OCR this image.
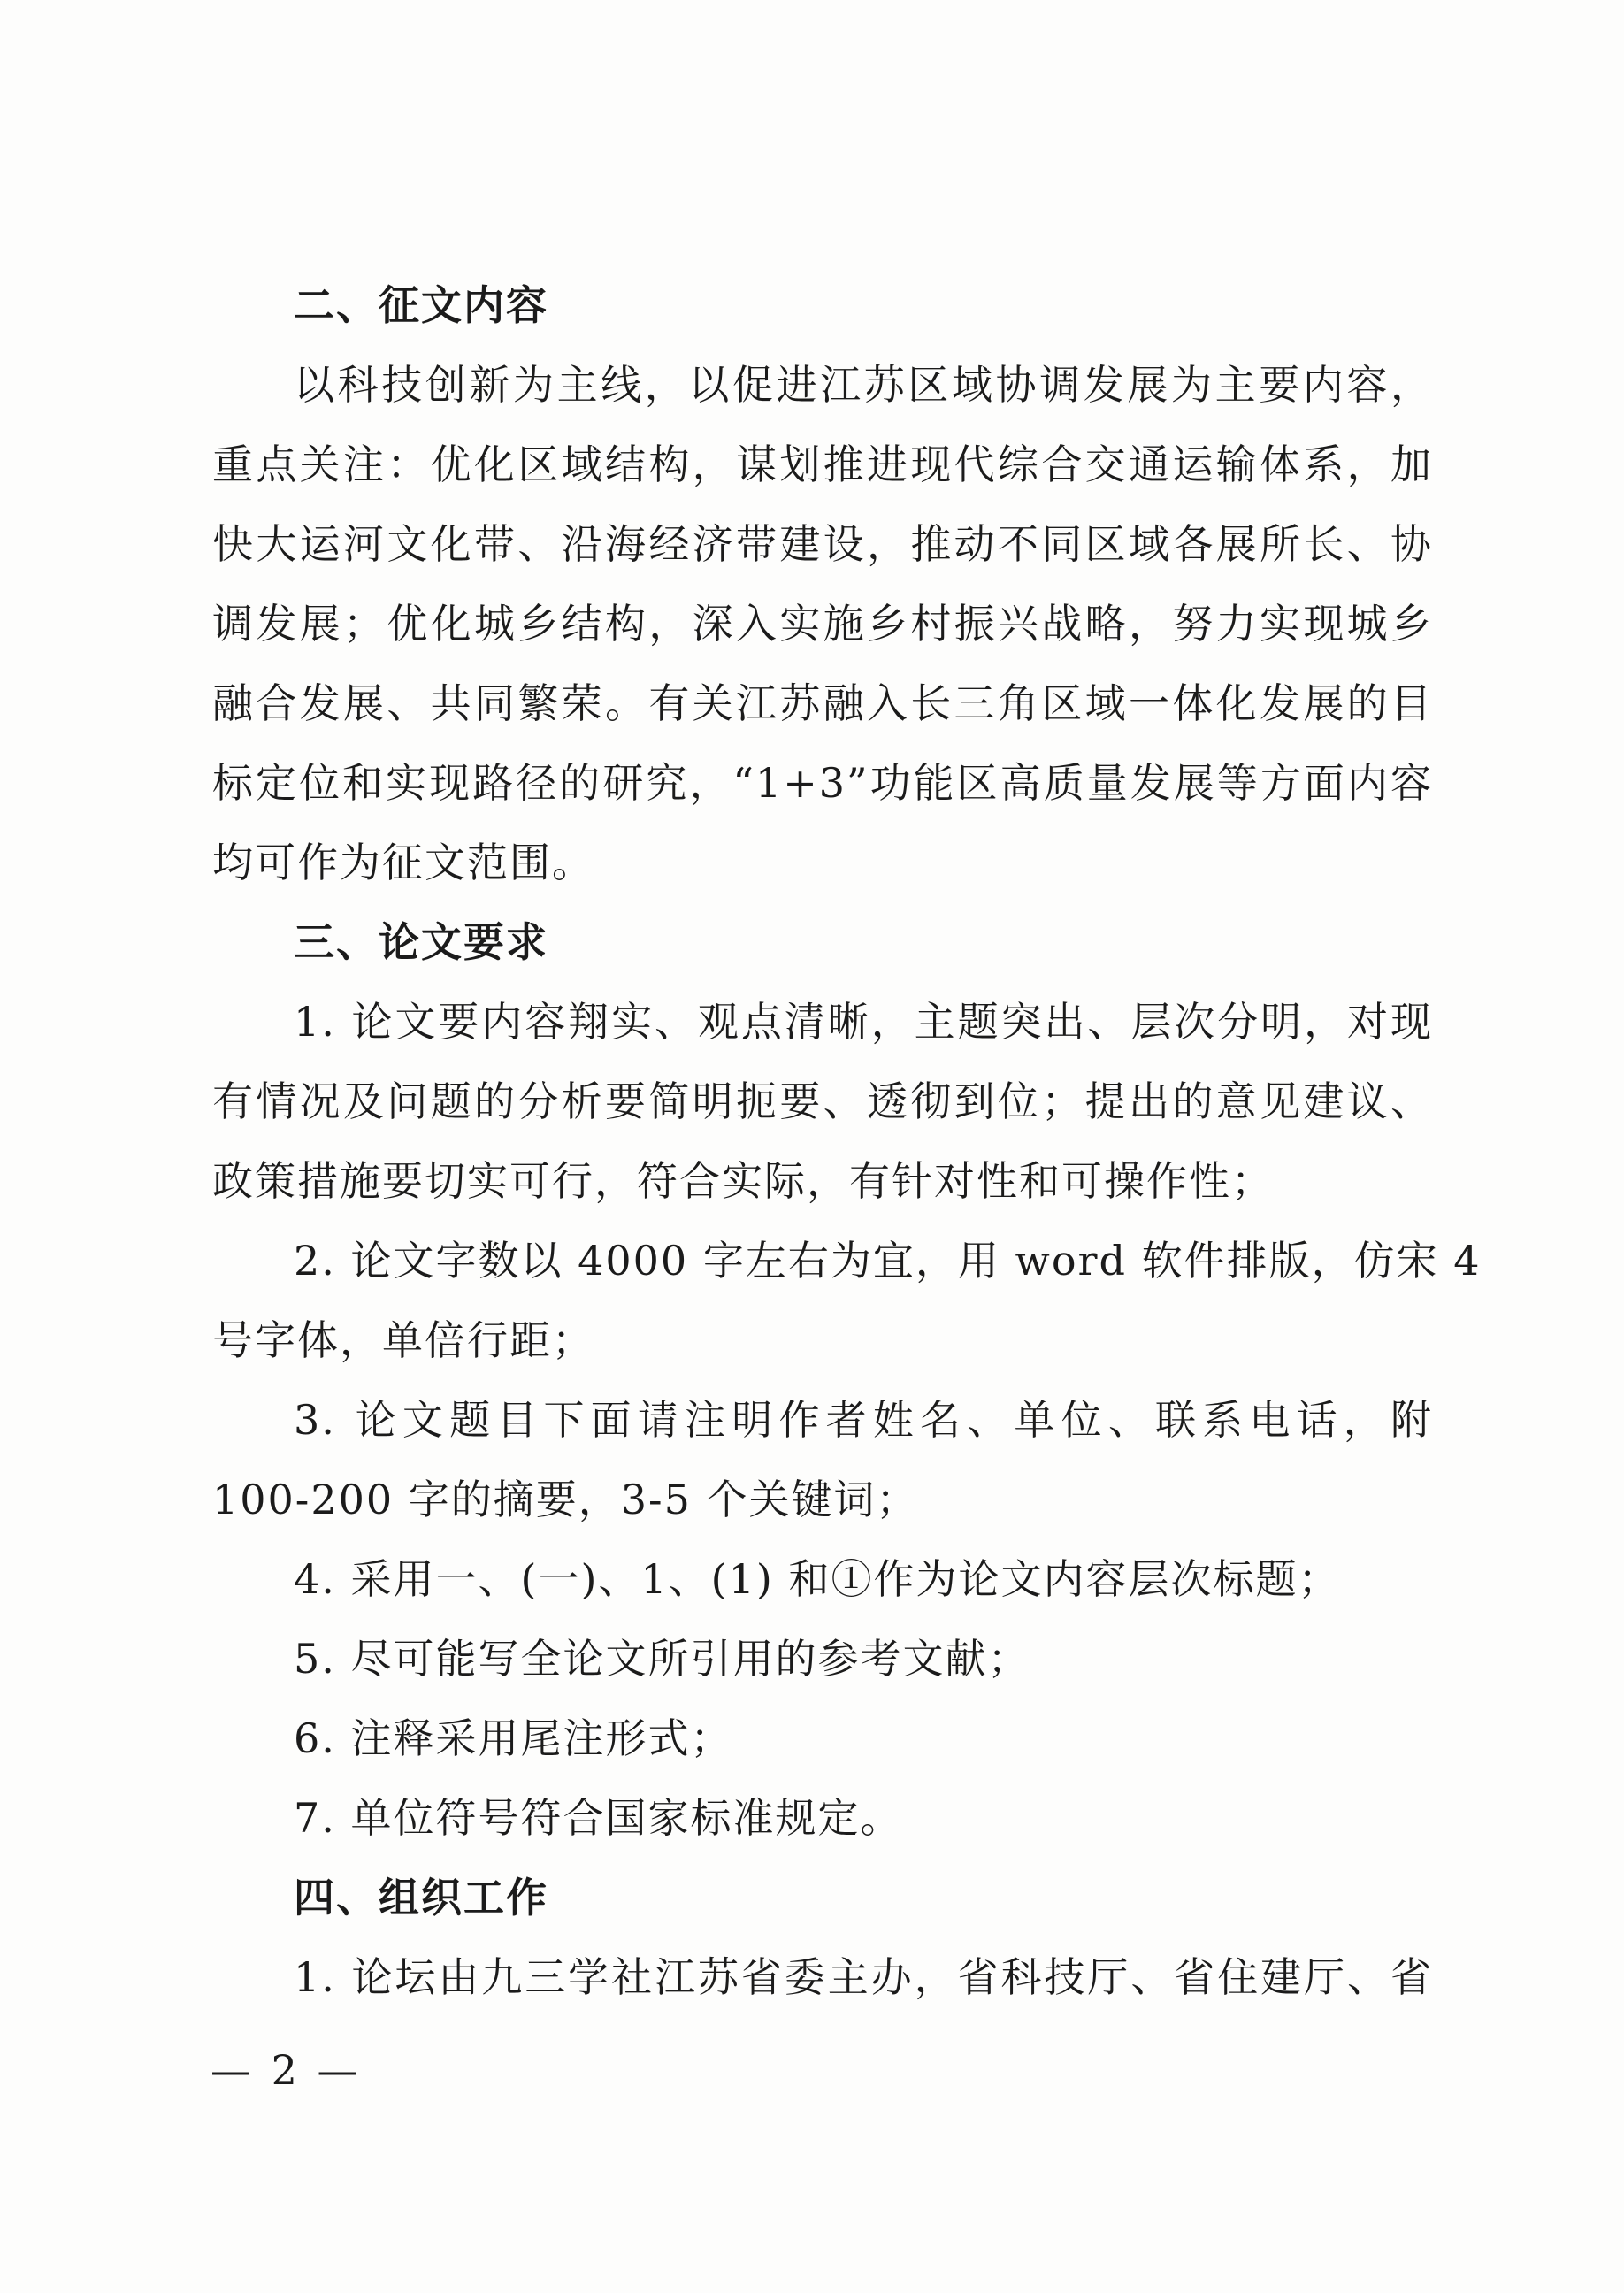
二、征文内容
以科技创新为主线，以促进江苏区域协调发展为主要内容，
重点关注：优化区域结构，谋划推进现代综合交通运输体系，加
快大运河文化带、沿海经济带建设，推动不同区域各展所长、协
调发展；优化城乡结构，深入实施乡村振兴战略，努力实现城乡
融合发展、共同繁荣。有关江苏融入长三角区域一体化发展的目
标定位和实现路径的研究，“1+3”功能区高质量发展等方面内容
均可作为征文范围。
三、论文要求
1. 论文要内容翔实、观点清晰，主题突出、层次分明，对现
有情况及问题的分析要简明扼要、透彻到位；提出的意见建议、
政策措施要切实可行，符合实际，有针对性和可操作性；
2. 论文字数以 4000 字左右为宜，用 word 软件排版，仿宋 4
号字体，单倍行距；
3. 论文题目下面请注明作者姓名、单位、联系电话，附
100-200 字的摘要，3-5 个关键词；
4. 采用一、(一)、1、(1) 和①作为论文内容层次标题；
5. 尽可能写全论文所引用的参考文献；
6. 注释采用尾注形式；
7. 单位符号符合国家标准规定。
四、组织工作
1. 论坛由九三学社江苏省委主办，省科技厅、省住建厅、省
— 2 —
